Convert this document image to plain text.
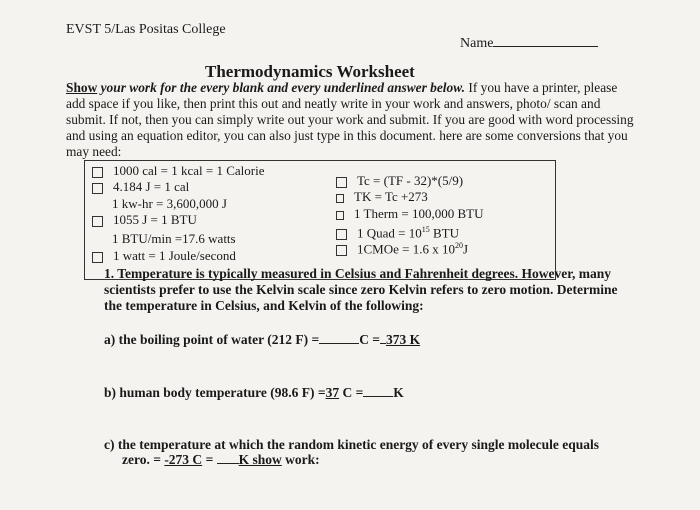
EVST 5/Las Positas College
Name
Thermodynamics Worksheet
Show your work for the every blank and every underlined answer below. If you have a printer, please add space if you like, then print this out and neatly write in your work and answers, photo/ scan and submit. If not, then you can simply write out your work and submit. If you are good with word processing and using an equation editor, you can also just type in this document. here are some conversions that you may need:
1000 cal = 1 kcal = 1 Calorie
4.184 J = 1 cal
1 kw-hr = 3,600,000 J
1055 J = 1 BTU
1 BTU/min =17.6 watts
1 watt = 1 Joule/second
Tc = (TF - 32)*(5/9)
TK = Tc +273
1 Therm = 100,000 BTU
1 Quad = $10^{15}$ BTU
1CMOe = 1.6 x $10^{20}J$
1. Temperature is typically measured in Celsius and Fahrenheit degrees. However, many scientists prefer to use the Kelvin scale since zero Kelvin refers to zero motion. Determine the temperature in Celsius, and Kelvin of the following:
a) the boiling point of water (212 F) =	C = 373 K
b) human body temperature (98.6 F) =37 C = K
c) the temperature at which the random kinetic energy of every single molecule equals
zero. = -273 C = K show work:
